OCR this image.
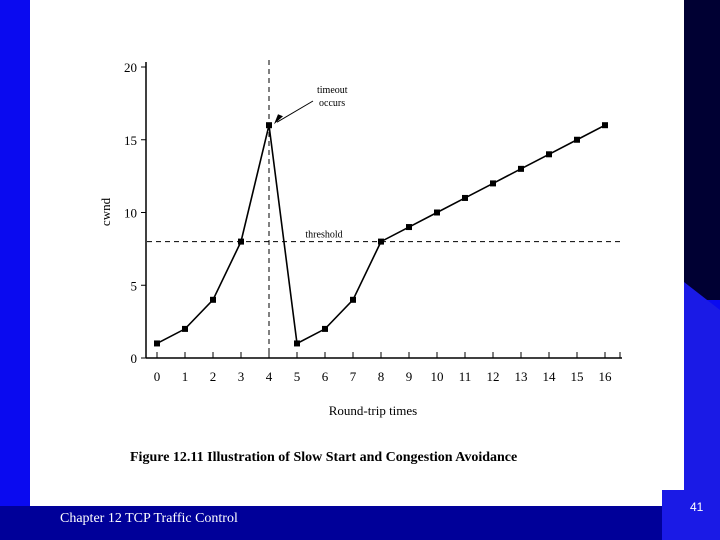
0
5
10
15
20
0 1 2 3 4 5 6 7 8 9 10 11 12 13 14 15 16
threshold
timeout
occurs
cwnd
Round-trip times
Figure 12.11 Illustration of Slow Start and Congestion Avoidance
Chapter 12 TCP Traffic Control
41
